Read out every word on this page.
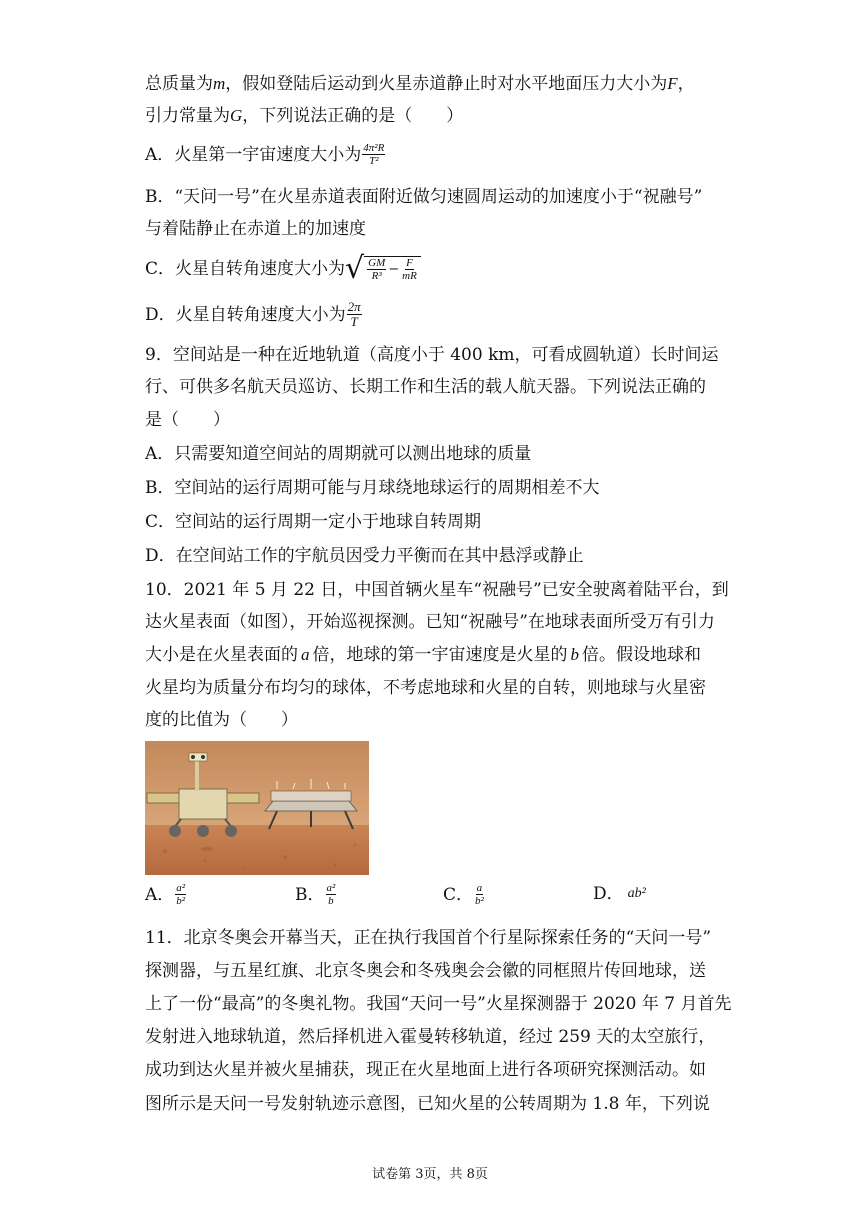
总质量为m，假如登陆后运动到火星赤道静止时对水平地面压力大小为F，
引力常量为G，下列说法正确的是（　　）
A．火星第一宇宙速度大小为 $\frac{\text{4π²R}}{\text{T²}}$
B．“天问一号”在火星赤道表面附近做匀速圆周运动的加速度小于“祝融号”
与着陆静止在赤道上的加速度
C．火星自转角速度大小为 √ $\frac{GM}{\text{R³}} - \frac{F}{mR}$
D．火星自转角速度大小为 $\frac{2\pi}{T}$
9．空间站是一种在近地轨道（高度小于 400 km，可看成圆轨道）长时间运
行、可供多名航天员巡访、长期工作和生活的载人航天器。下列说法正确的
是（　　）
A．只需要知道空间站的周期就可以测出地球的质量
B．空间站的运行周期可能与月球绕地球运行的周期相差不大
C．空间站的运行周期一定小于地球自转周期
D．在空间站工作的宇航员因受力平衡而在其中悬浮或静止
10．2021 年 5 月 22 日，中国首辆火星车“祝融号”已安全驶离着陆平台，到
达火星表面（如图），开始巡视探测。已知“祝融号”在地球表面所受万有引力
大小是在火星表面的 a 倍，地球的第一宇宙速度是火星的 b 倍。假设地球和
火星均为质量分布均匀的球体，不考虑地球和火星的自转，则地球与火星密
度的比值为（　　）
A． $\frac{\text{a²}}{\text{b²}}$	B． $\frac{\text{a²}}{b}$	C． $\frac{a}{\text{b²}}$	D． ab²
11．北京冬奥会开幕当天，正在执行我国首个行星际探索任务的“天问一号”
探测器，与五星红旗、北京冬奥会和冬残奥会会徽的同框照片传回地球，送
上了一份“最高”的冬奥礼物。我国“天问一号”火星探测器于 2020 年 7 月首先
发射进入地球轨道，然后择机进入霍曼转移轨道，经过 259 天的太空旅行，
成功到达火星并被火星捕获，现正在火星地面上进行各项研究探测活动。如
图所示是天问一号发射轨迹示意图，已知火星的公转周期为 1.8 年，下列说
试卷第 3页，共 8页
